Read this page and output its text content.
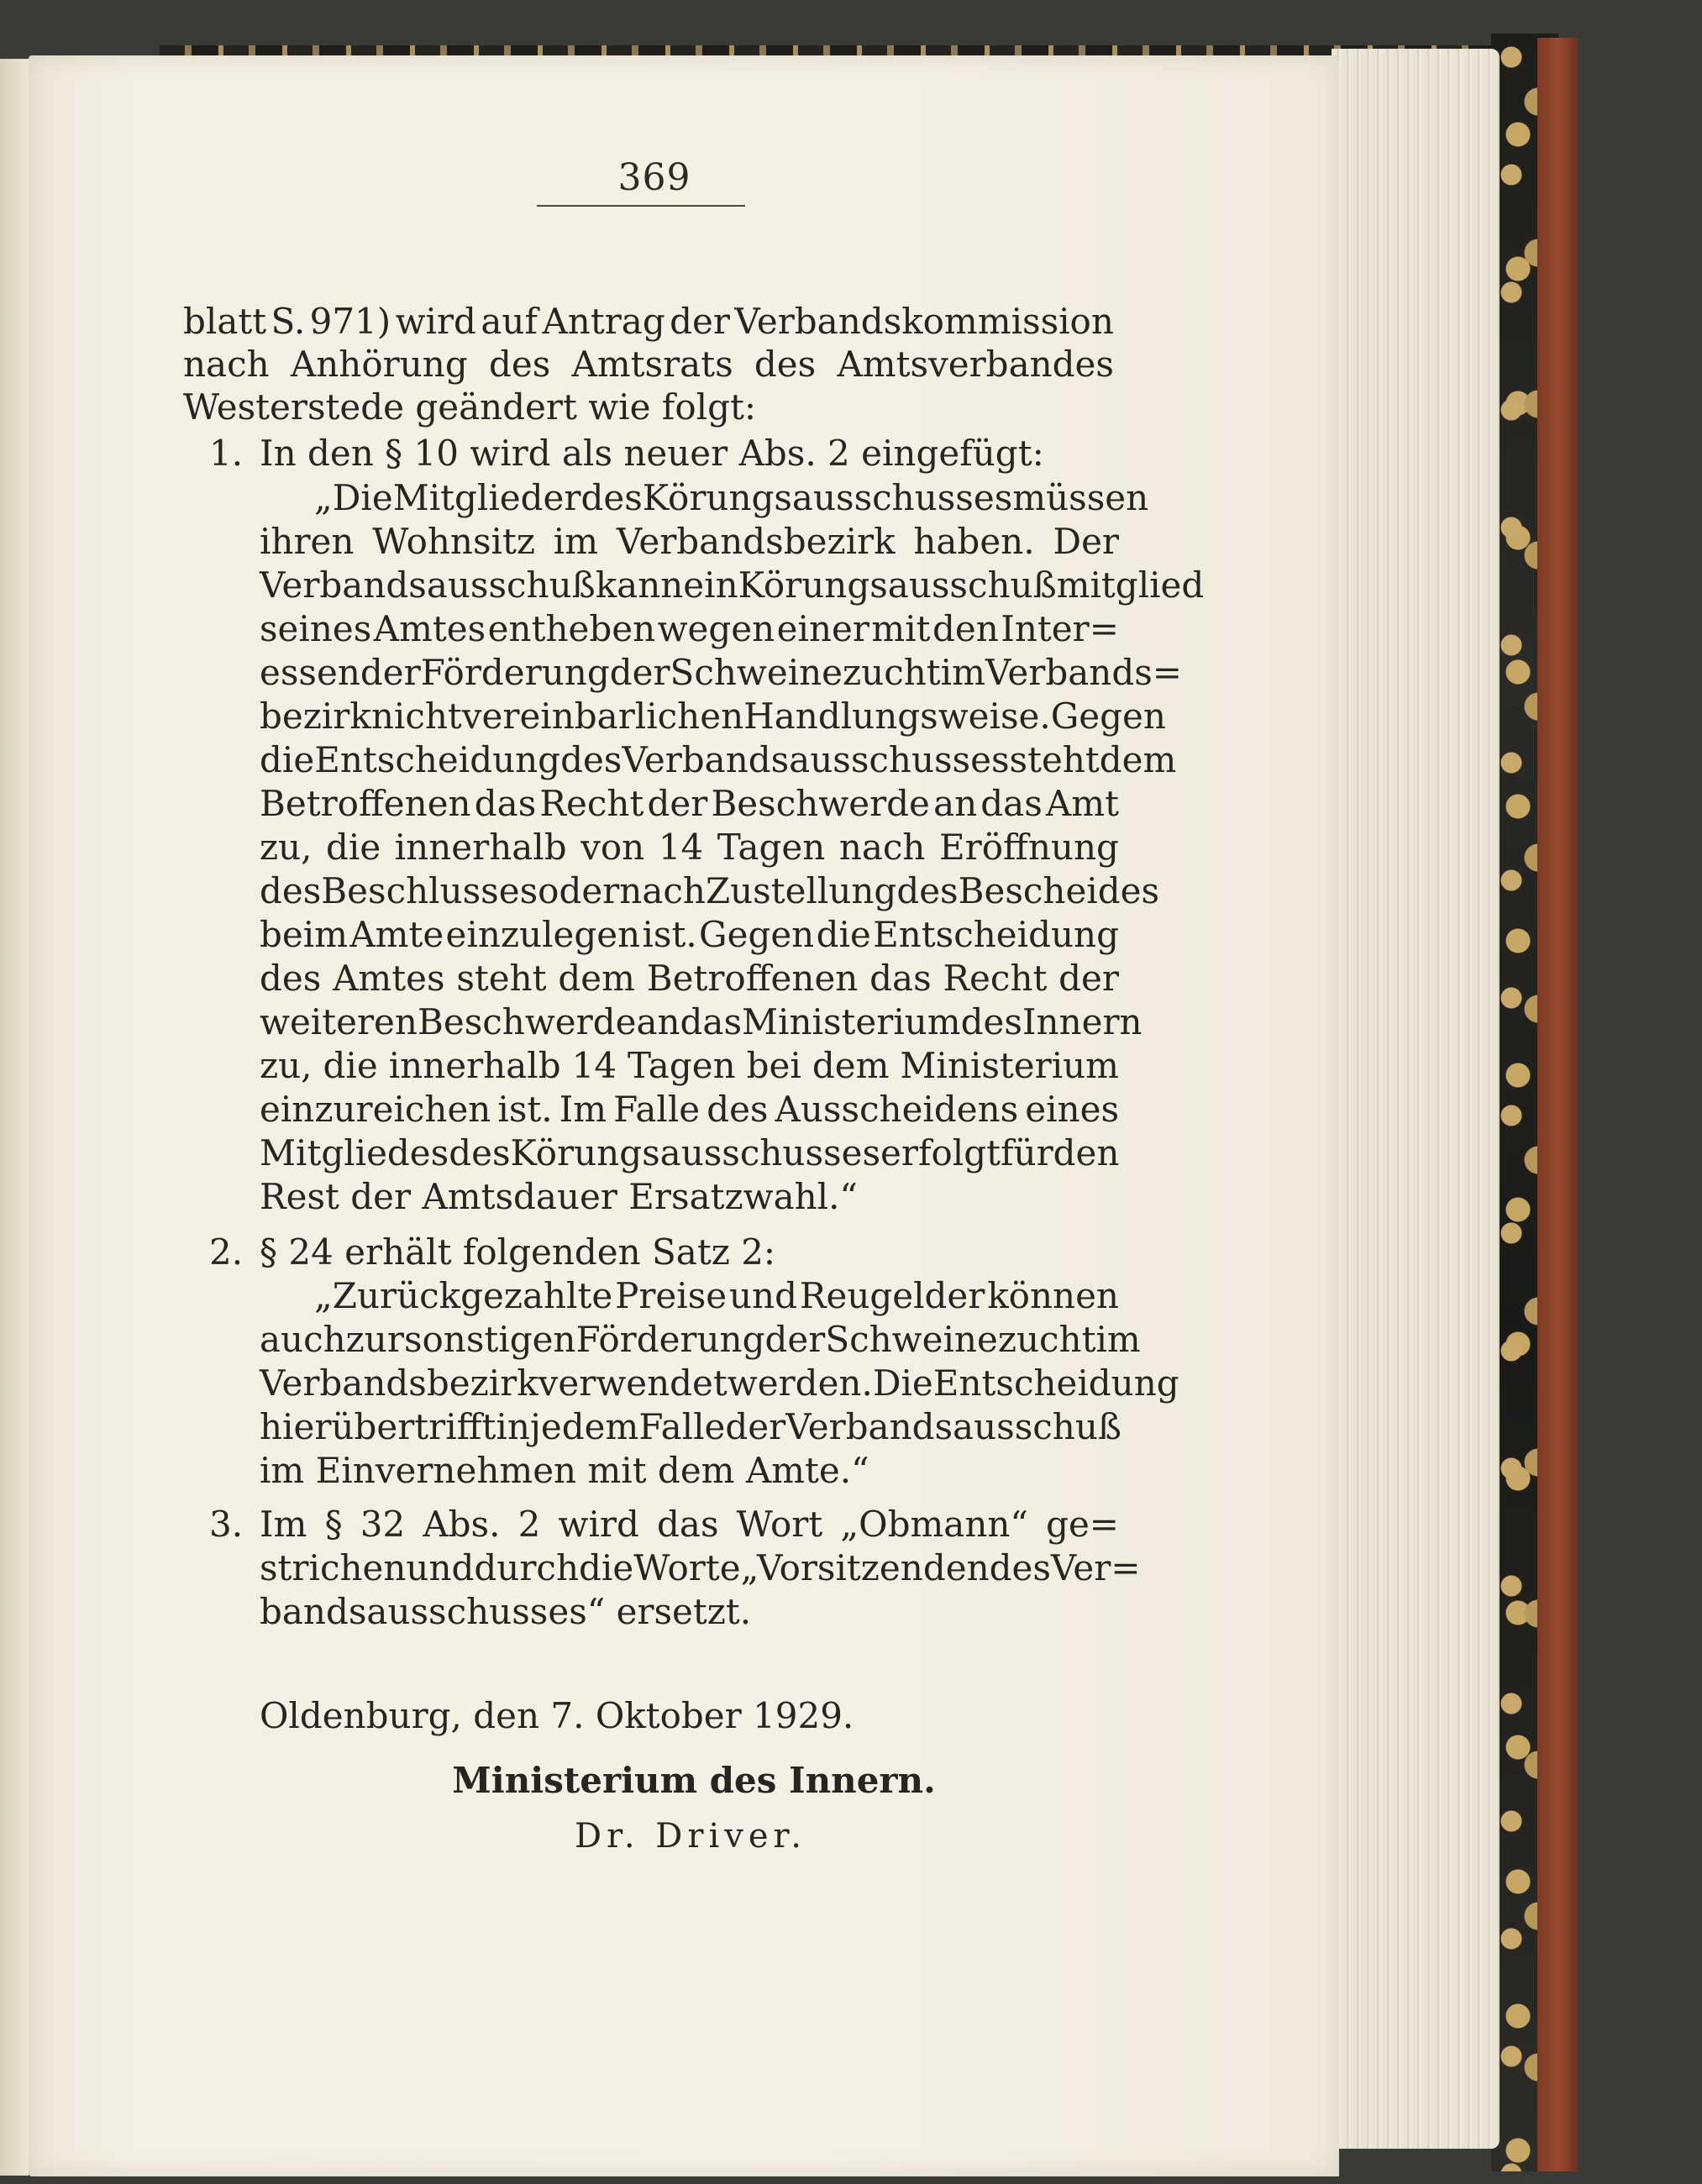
369
blatt S. 971) wird auf Antrag der Verbandskommission
nach Anhörung des Amtsrats des Amtsverbandes
Westerstede geändert wie folgt:
1. In den § 10 wird als neuer Abs. 2 eingefügt:
„Die Mitglieder des Körungsausschusses müssen
ihren Wohnsitz im Verbandsbezirk haben. Der
Verbandsausschuß kann ein Körungsausschußmitglied
seines Amtes entheben wegen einer mit den Inter=
essen der Förderung der Schweinezucht im Verbands=
bezirk nicht vereinbarlichen Handlungsweise. Gegen
die Entscheidung des Verbandsausschusses steht dem
Betroffenen das Recht der Beschwerde an das Amt
zu, die innerhalb von 14 Tagen nach Eröffnung
des Beschlusses oder nach Zustellung des Bescheides
beim Amte einzulegen ist. Gegen die Entscheidung
des Amtes steht dem Betroffenen das Recht der
weiteren Beschwerde an das Ministerium des Innern
zu, die innerhalb 14 Tagen bei dem Ministerium
einzureichen ist. Im Falle des Ausscheidens eines
Mitgliedes des Körungsausschusses erfolgt für den
Rest der Amtsdauer Ersatzwahl.“
2. § 24 erhält folgenden Satz 2:
„Zurückgezahlte Preise und Reugelder können
auch zur sonstigen Förderung der Schweinezucht im
Verbandsbezirk verwendet werden. Die Entscheidung
hierüber trifft in jedem Falle der Verbandsausschuß
im Einvernehmen mit dem Amte.“
3. Im § 32 Abs. 2 wird das Wort „Obmann“ ge=
strichen und durch die Worte „Vorsitzenden des Ver=
bandsausschusses“ ersetzt.
Oldenburg, den 7. Oktober 1929.
Ministerium des Innern.
Dr. Driver.
